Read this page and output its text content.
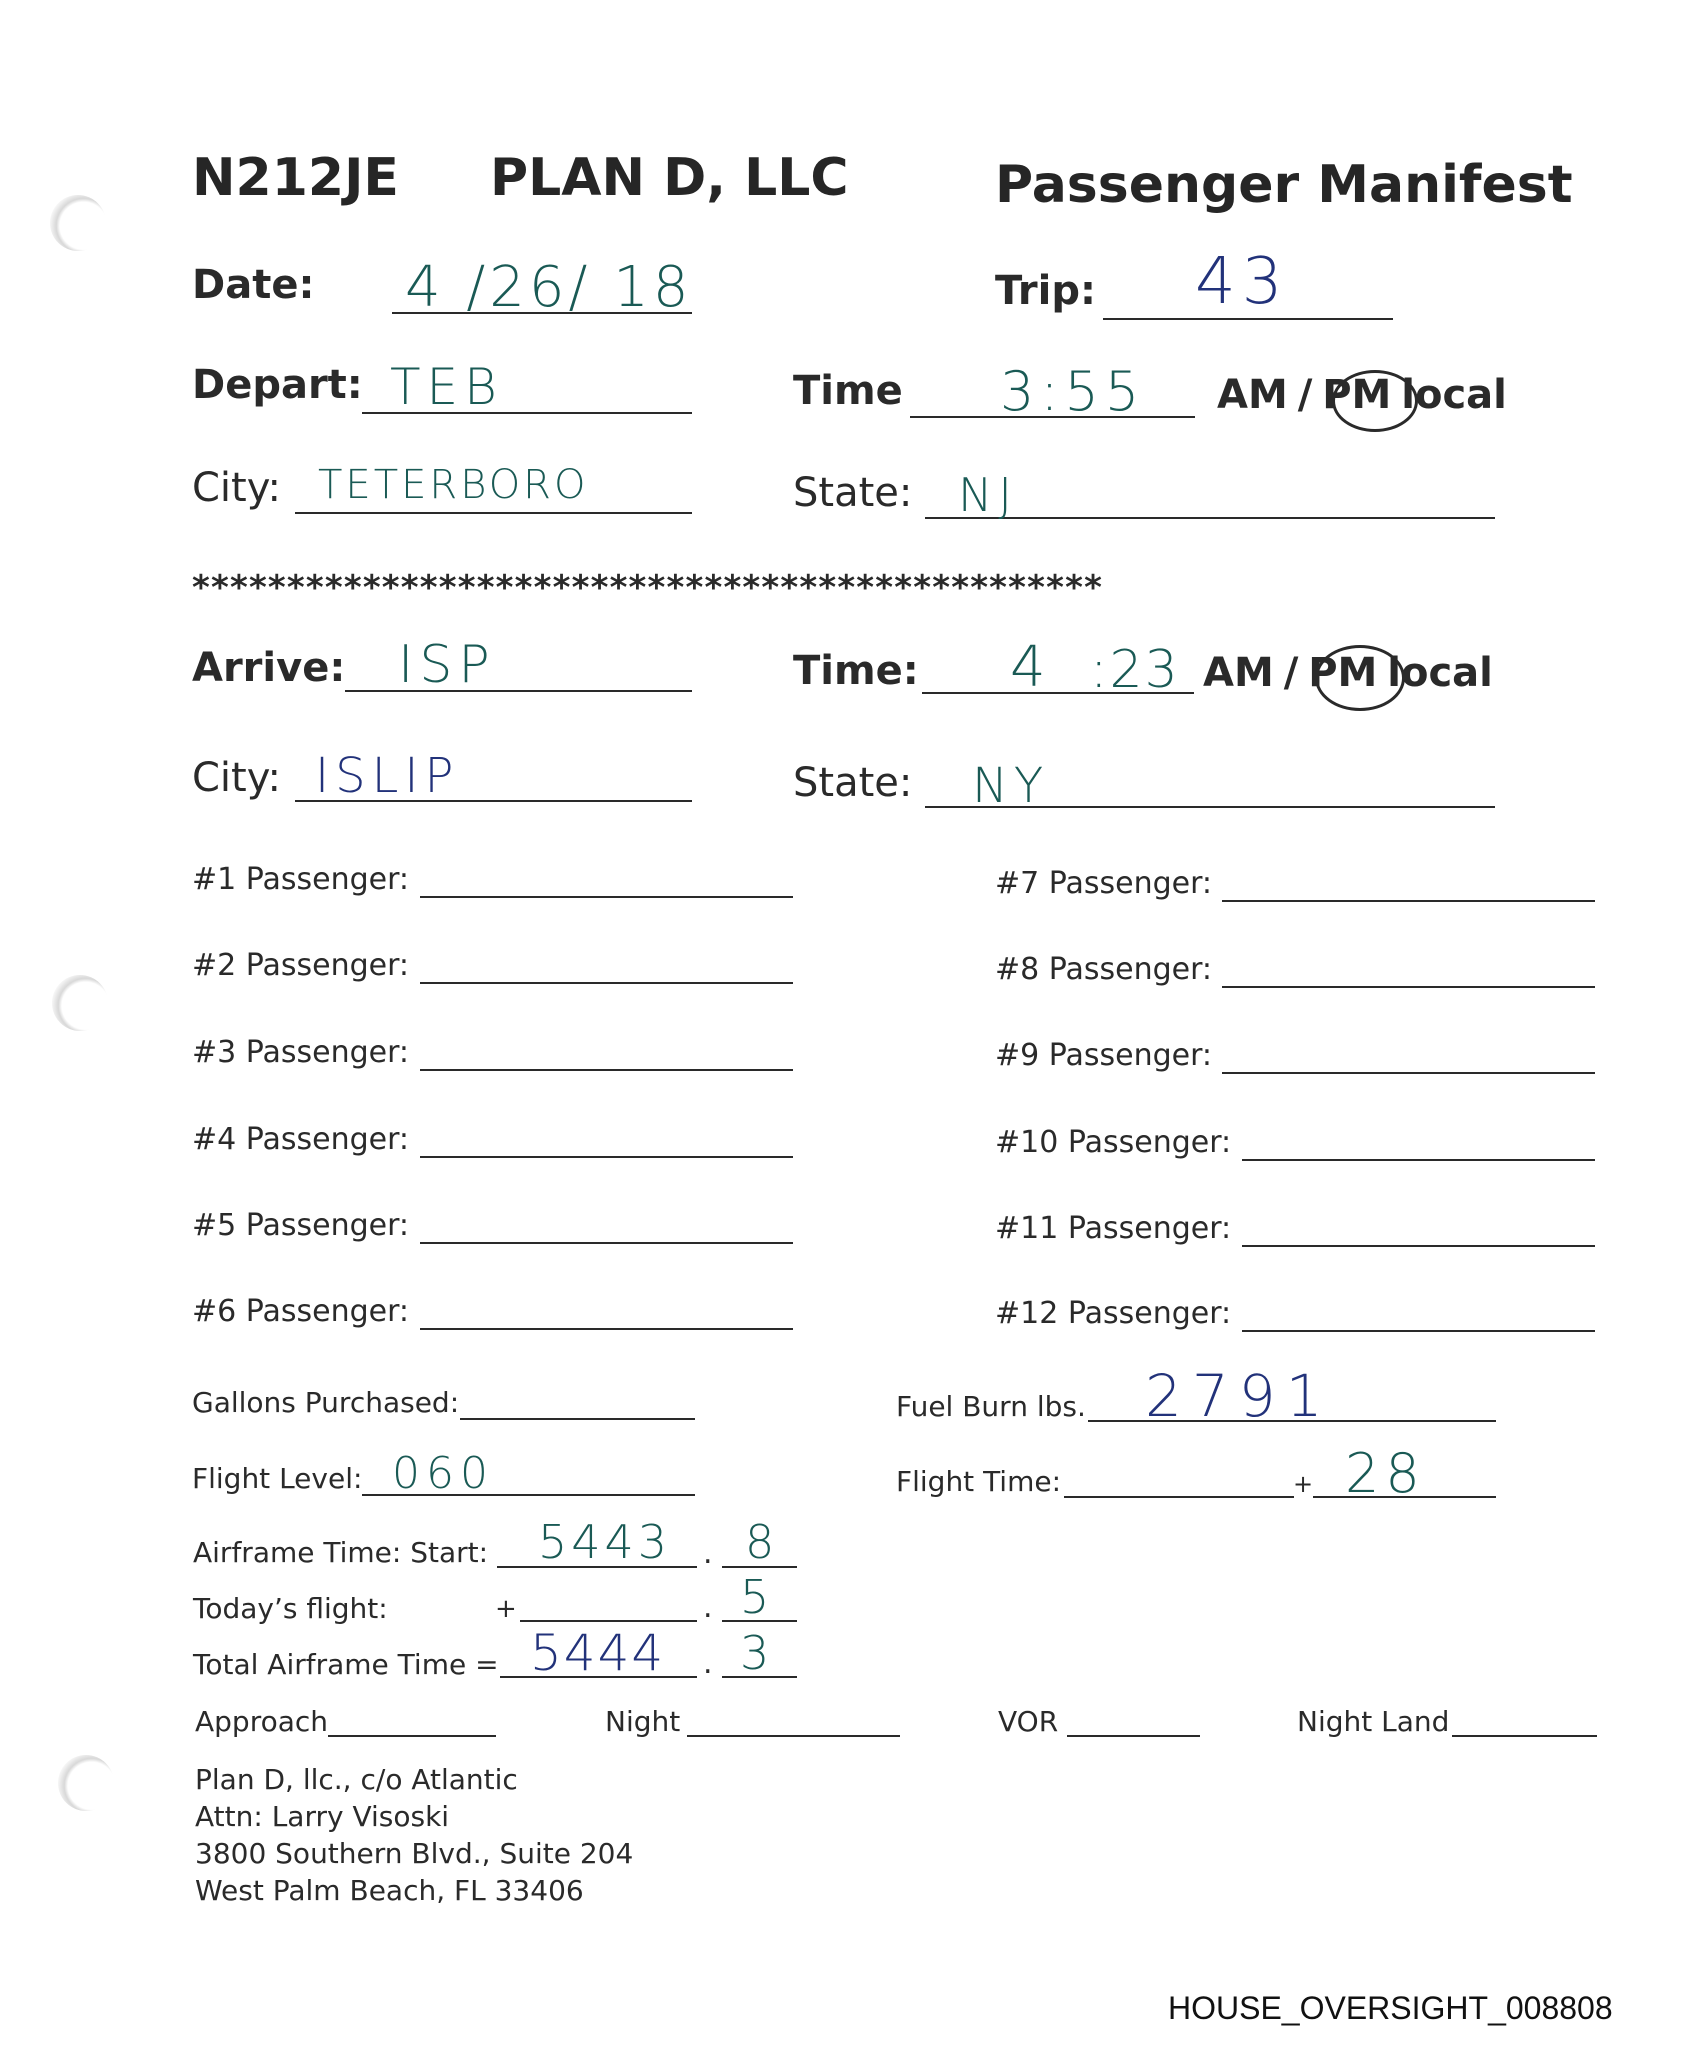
N212JE PLAN D, LLC	Passenger Manifest
Date: 4 /26/ 18	Trip: 43
Depart: TEB	Time 3:55 AM / PM local
City: TETERBORO	State: NJ
************************************************
Arrive: ISP	Time: 4 :23 AM / PM local
City: ISLIP	State: NY
#1 Passenger:
#2 Passenger:
#3 Passenger:
#4 Passenger:
#5 Passenger:
#6 Passenger:
#7 Passenger:
#8 Passenger:
#9 Passenger:
#10 Passenger:
#11 Passenger:
#12 Passenger:
Gallons Purchased:	Fuel Burn lbs. 2791
Flight Level: 060	Flight Time:	+ 28
Airframe Time: Start: 5443 . 8
Today’s flight:	+	. 5
Total Airframe Time = 5444 . 3
Approach	Night	VOR	Night Land
Plan D, llc., c/o Atlantic
Attn: Larry Visoski
3800 Southern Blvd., Suite 204
West Palm Beach, FL 33406
HOUSE_OVERSIGHT_008808
